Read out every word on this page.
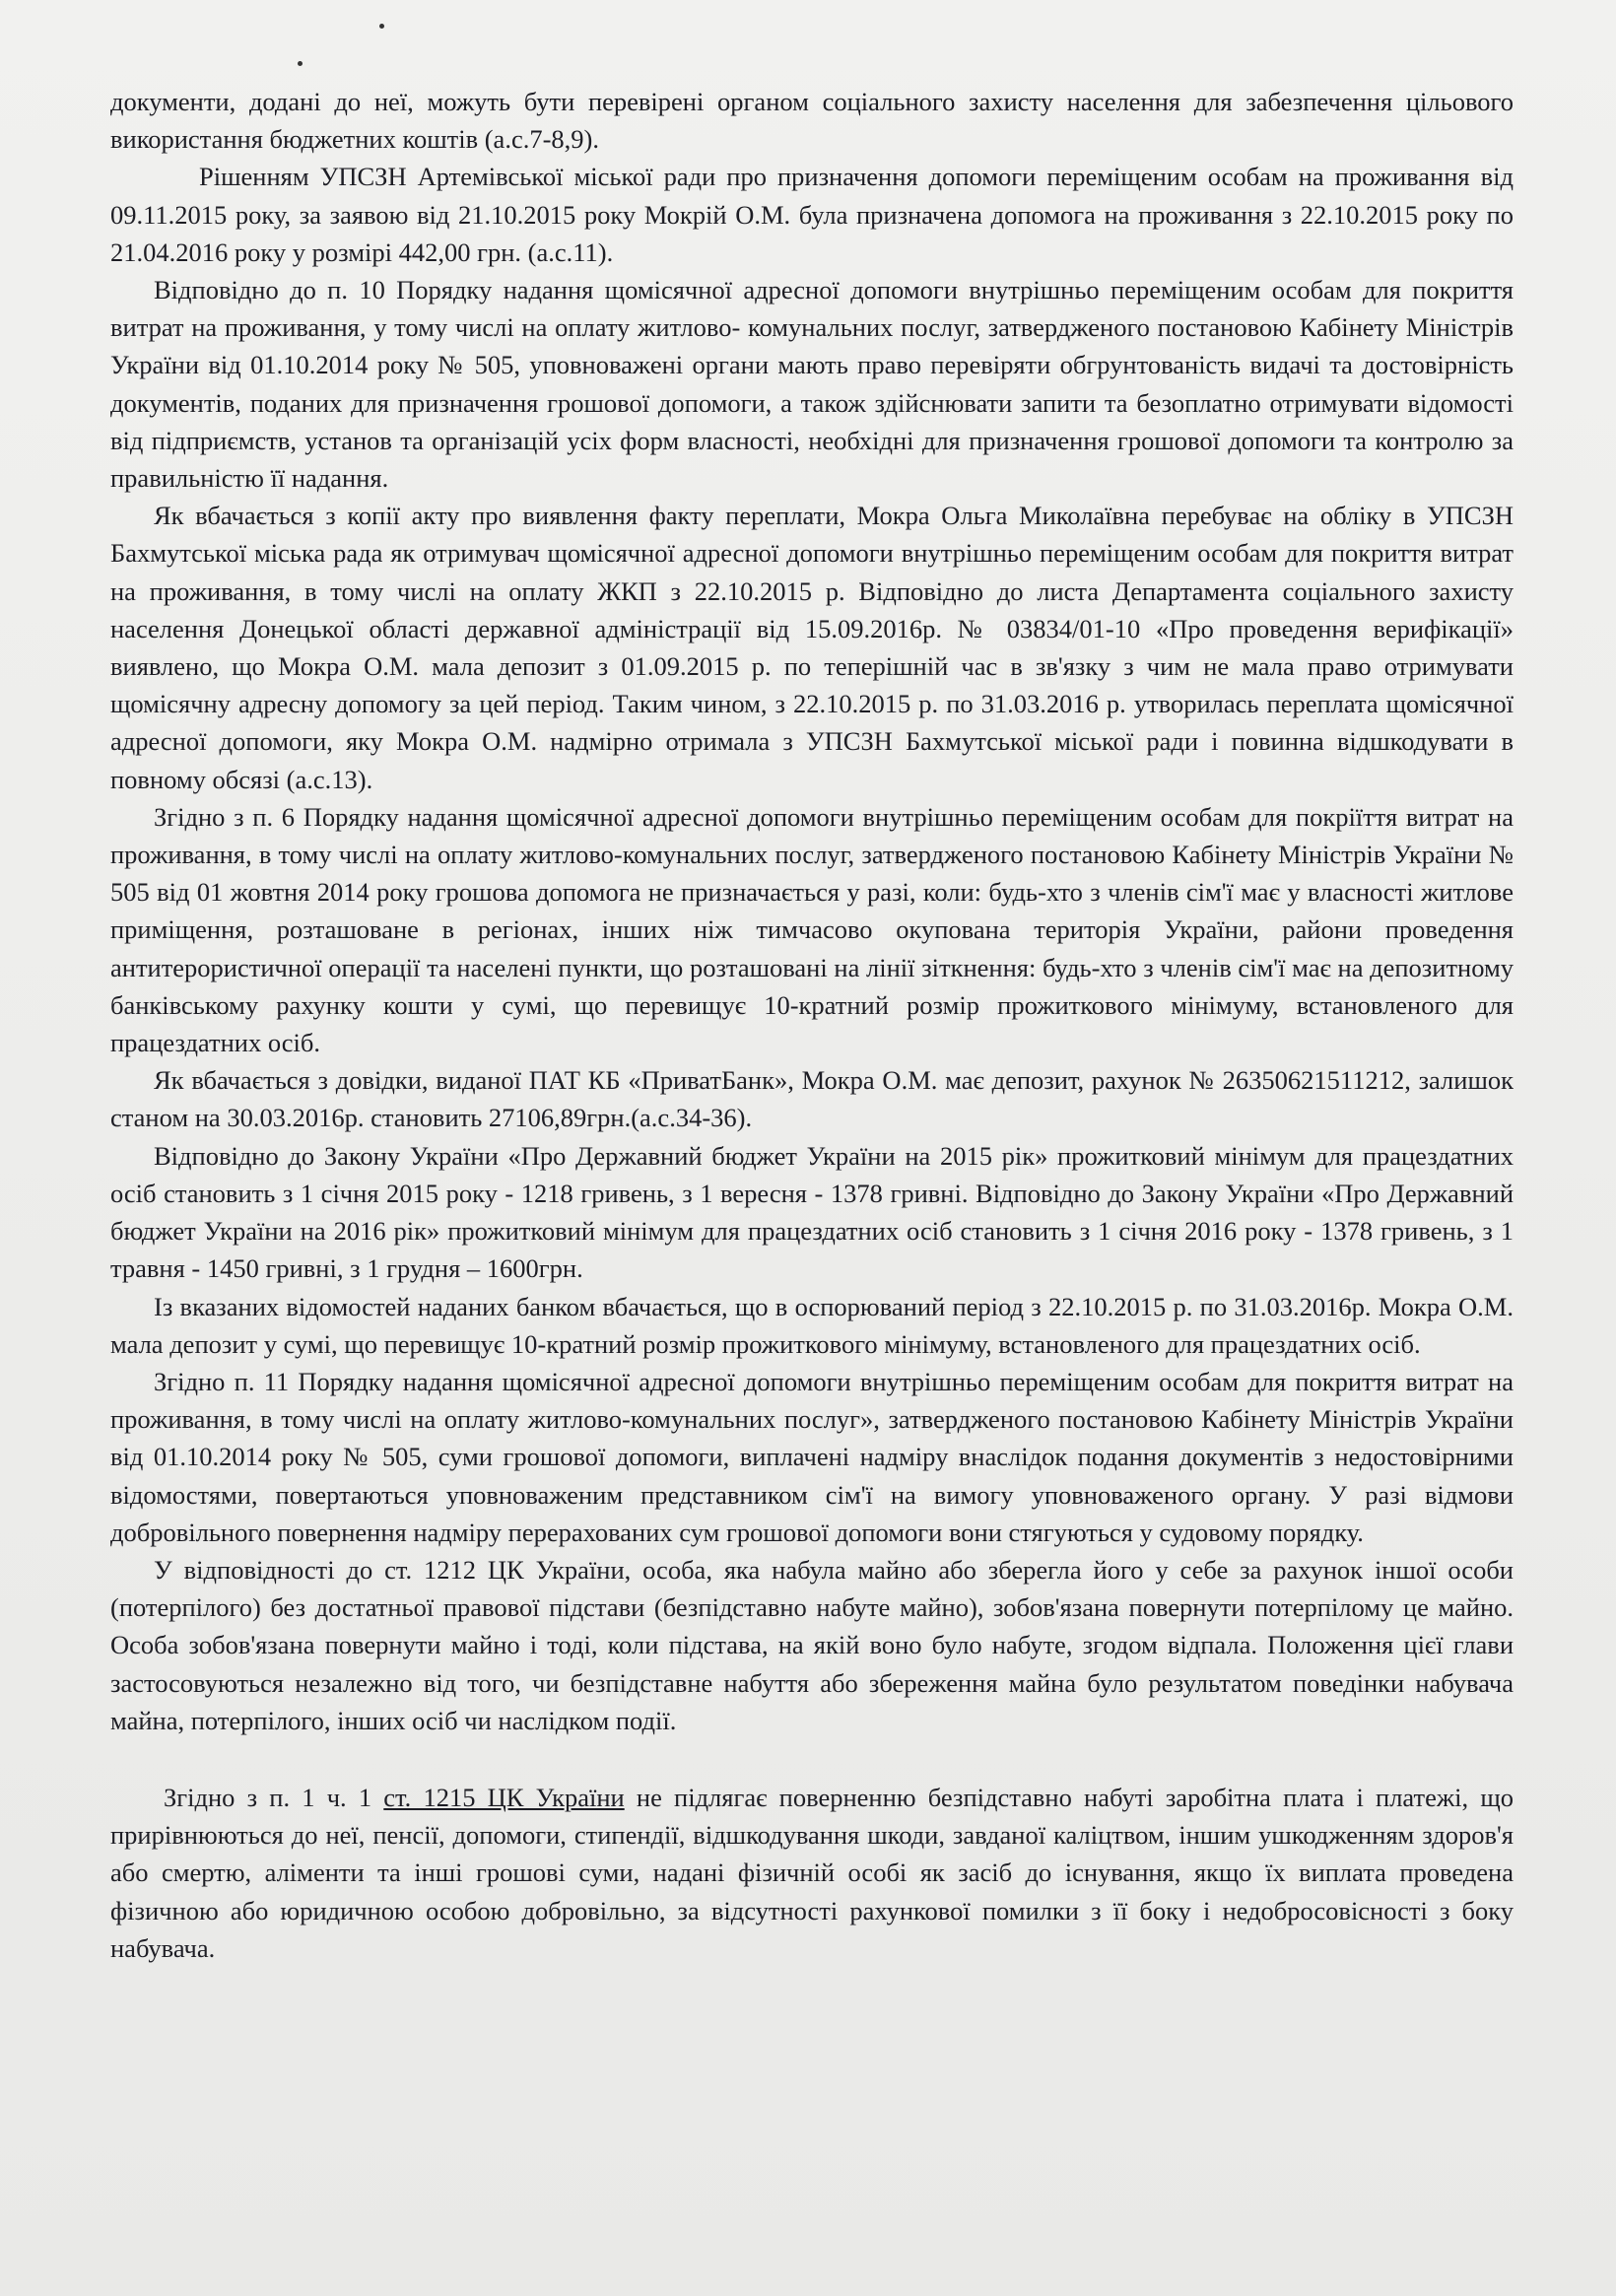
документи, додані до неї, можуть бути перевірені органом соціального захисту населення для забезпечення цільового використання бюджетних коштів (а.с.7-8,9).

Рішенням УПСЗН Артемівської міської ради про призначення допомоги переміщеним особам на проживання від 09.11.2015 року, за заявою від 21.10.2015 року Мокрій О.М. була призначена допомога на проживання з 22.10.2015 року по 21.04.2016 року у розмірі 442,00 грн. (а.с.11).

Відповідно до п. 10 Порядку надання щомісячної адресної допомоги внутрішньо переміщеним особам для покриття витрат на проживання, у тому числі на оплату житлово- комунальних послуг, затвердженого постановою Кабінету Міністрів України від 01.10.2014 року № 505, уповноважені органи мають право перевіряти обгрунтованість видачі та достовірність документів, поданих для призначення грошової допомоги, а також здійснювати запити та безоплатно отримувати відомості від підприємств, установ та організацій усіх форм власності, необхідні для призначення грошової допомоги та контролю за правильністю її надання.

Як вбачається з копії акту про виявлення факту переплати, Мокра Ольга Миколаївна перебуває на обліку в УПСЗН Бахмутської міська рада як отримувач щомісячної адресної допомоги внутрішньо переміщеним особам для покриття витрат на проживання, в тому числі на оплату ЖКП з 22.10.2015 р. Відповідно до листа Департамента соціального захисту населення Донецької області державної адміністрації від 15.09.2016р. № 03834/01-10 «Про проведення верифікації» виявлено, що Мокра О.М. мала депозит з 01.09.2015 р. по теперішній час в зв'язку з чим не мала право отримувати щомісячну адресну допомогу за цей період. Таким чином, з 22.10.2015 р. по 31.03.2016 р. утворилась переплата щомісячної адресної допомоги, яку Мокра О.М. надмірно отримала з УПСЗН Бахмутської міської ради і повинна відшкодувати в повному обсязі (а.с.13).

Згідно з п. 6 Порядку надання щомісячної адресної допомоги внутрішньо переміщеним особам для покріїття витрат на проживання, в тому числі на оплату житлово-комунальних послуг, затвердженого постановою Кабінету Міністрів України № 505 від 01 жовтня 2014 року грошова допомога не призначається у разі, коли: будь-хто з членів сім'ї має у власності житлове приміщення, розташоване в регіонах, інших ніж тимчасово окупована територія України, райони проведення антитерористичної операції та населені пункти, що розташовані на лінії зіткнення: будь-хто з членів сім'ї має на депозитному банківському рахунку кошти у сумі, що перевищує 10-кратний розмір прожиткового мінімуму, встановленого для працездатних осіб.

Як вбачається з довідки, виданої ПАТ КБ «ПриватБанк», Мокра О.М. має депозит, рахунок № 26350621511212, залишок станом на 30.03.2016р. становить 27106,89грн.(а.с.34-36).

Відповідно до Закону України «Про Державний бюджет України на 2015 рік» прожитковий мінімум для працездатних осіб становить з 1 січня 2015 року - 1218 гривень, з 1 вересня - 1378 гривні. Відповідно до Закону України «Про Державний бюджет України на 2016 рік» прожитковий мінімум для працездатних осіб становить з 1 січня 2016 року - 1378 гривень, з 1 травня - 1450 гривні, з 1 грудня – 1600грн.

Із вказаних відомостей наданих банком вбачається, що в оспорюваний період з 22.10.2015 р. по 31.03.2016р. Мокра О.М. мала депозит у сумі, що перевищує 10-кратний розмір прожиткового мінімуму, встановленого для працездатних осіб.

Згідно п. 11 Порядку надання щомісячної адресної допомоги внутрішньо переміщеним особам для покриття витрат на проживання, в тому числі на оплату житлово-комунальних послуг», затвердженого постановою Кабінету Міністрів України від 01.10.2014 року № 505, суми грошової допомоги, виплачені надміру внаслідок подання документів з недостовірними відомостями, повертаються уповноваженим представником сім'ї на вимогу уповноваженого органу. У разі відмови добровільного повернення надміру перерахованих сум грошової допомоги вони стягуються у судовому порядку.

У відповідності до ст. 1212 ЦК України, особа, яка набула майно або зберегла його у себе за рахунок іншої особи (потерпілого) без достатньої правової підстави (безпідставно набуте майно), зобов'язана повернути потерпілому це майно. Особа зобов'язана повернути майно і тоді, коли підстава, на якій воно було набуте, згодом відпала. Положення цієї глави застосовуються незалежно від того, чи безпідставне набуття або збереження майна було результатом поведінки набувача майна, потерпілого, інших осіб чи наслідком події.

Згідно з п. 1 ч. 1 ст. 1215 ЦК України не підлягає поверненню безпідставно набуті заробітна плата і платежі, що прирівнюються до неї, пенсії, допомоги, стипендії, відшкодування шкоди, завданої каліцтвом, іншим ушкодженням здоров'я або смертю, аліменти та інші грошові суми, надані фізичній особі як засіб до існування, якщо їх виплата проведена фізичною або юридичною особою добровільно, за відсутності рахункової помилки з її боку і недобросовісності з боку набувача.
